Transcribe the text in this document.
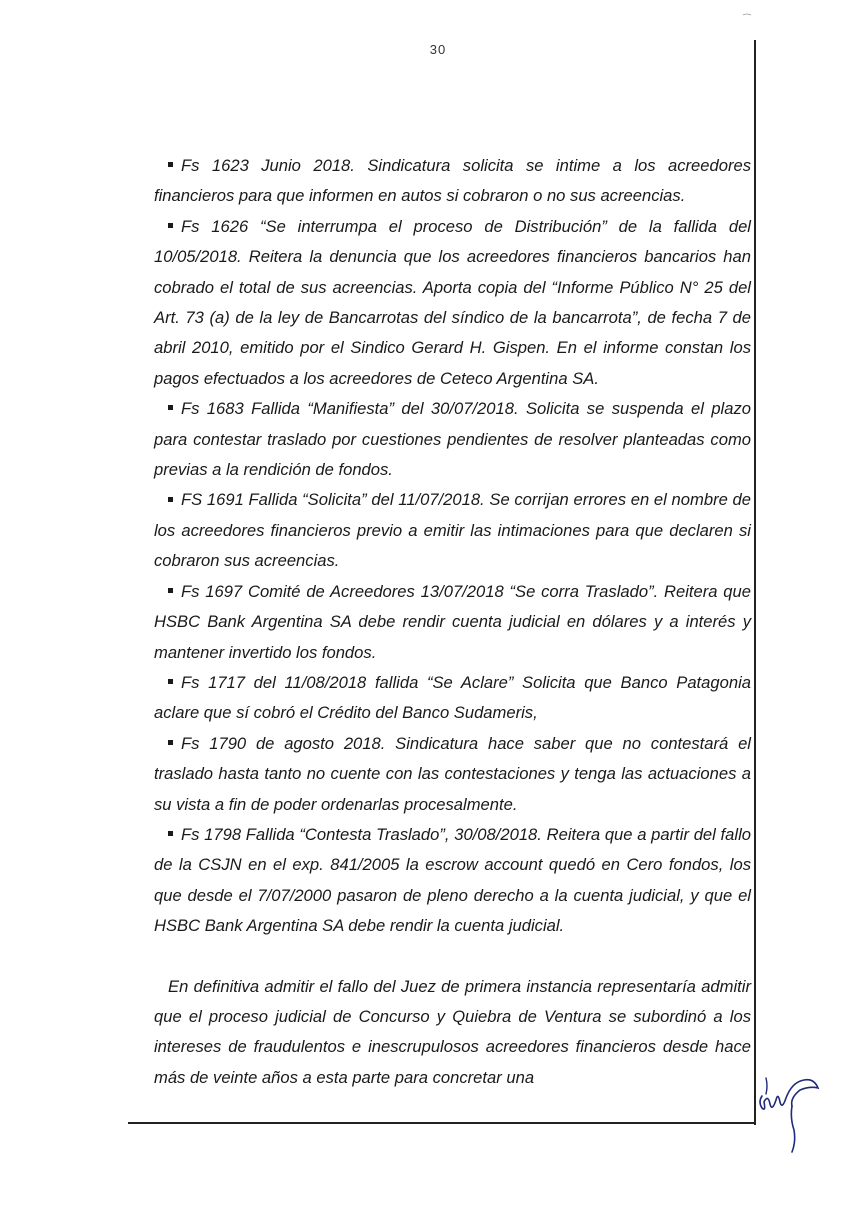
30

Fs 1623 Junio 2018. Sindicatura solicita se intime a los acreedores financieros para que informen en autos si cobraron o no sus acreencias.

Fs 1626 “Se interrumpa el proceso de Distribución” de la fallida del 10/05/2018. Reitera la denuncia que los acreedores financieros bancarios han cobrado el total de sus acreencias. Aporta copia del “Informe Público N° 25 del Art. 73 (a) de la ley de Bancarrotas del síndico de la bancarrota”, de fecha 7 de abril 2010, emitido por el Sindico Gerard H. Gispen. En el informe constan los pagos efectuados a los acreedores de Ceteco Argentina SA.

Fs 1683 Fallida “Manifiesta” del 30/07/2018. Solicita se suspenda el plazo para contestar traslado por cuestiones pendientes de resolver planteadas como previas a la rendición de fondos.

FS 1691 Fallida “Solicita” del 11/07/2018. Se corrijan errores en el nombre de los acreedores financieros previo a emitir las intimaciones para que declaren si cobraron sus acreencias.

Fs 1697 Comité de Acreedores 13/07/2018 “Se corra Traslado”. Reitera que HSBC Bank Argentina SA debe rendir cuenta judicial en dólares y a interés y mantener invertido los fondos.

Fs 1717 del 11/08/2018 fallida “Se Aclare” Solicita que Banco Patagonia aclare que sí cobró el Crédito del Banco Sudameris,

Fs 1790 de agosto 2018. Sindicatura hace saber que no contestará el traslado hasta tanto no cuente con las contestaciones y tenga las actuaciones a su vista a fin de poder ordenarlas procesalmente.

Fs 1798 Fallida “Contesta Traslado”, 30/08/2018. Reitera que a partir del fallo de la CSJN en el exp. 841/2005 la escrow account quedó en Cero fondos, los que desde el 7/07/2000 pasaron de pleno derecho a la cuenta judicial, y que el HSBC Bank Argentina SA debe rendir la cuenta judicial.

En definitiva admitir el fallo del Juez de primera instancia representaría admitir que el proceso judicial de Concurso y Quiebra de Ventura se subordinó a los intereses de fraudulentos e inescrupulosos acreedores financieros desde hace más de veinte años a esta parte para concretar una
